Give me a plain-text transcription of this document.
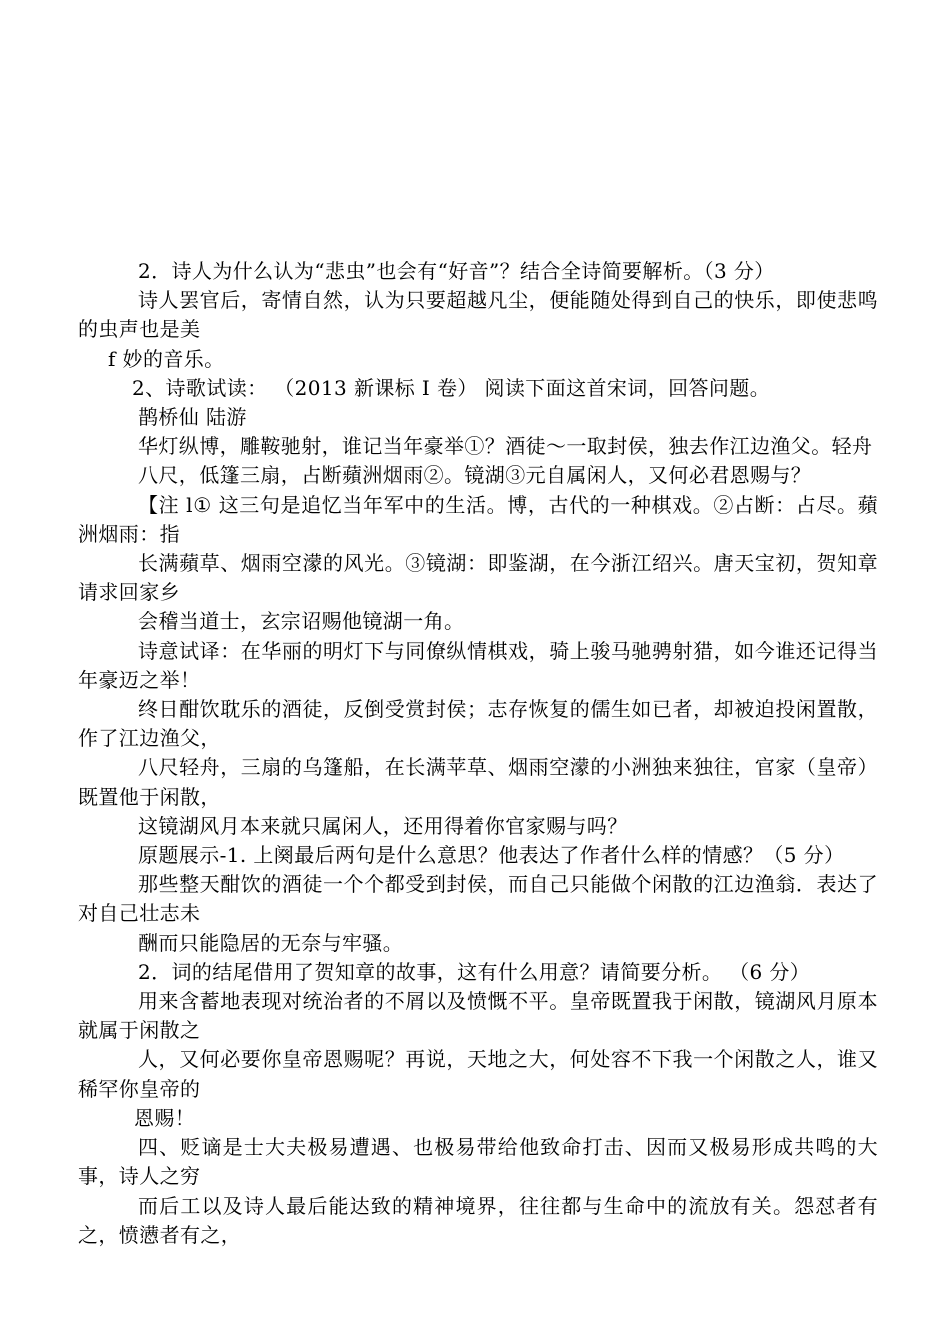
2．诗人为什么认为“悲虫”也会有“好音”？结合全诗简要解析。（3 分）

诗人罢官后，寄情自然，认为只要超越凡尘，便能随处得到自己的快乐，即使悲鸣的虫声也是美

f 妙的音乐。

2、诗歌试读： （2013 新课标 I 卷） 阅读下面这首宋词，回答问题。

鹊桥仙 陆游

华灯纵博，雕鞍驰射，谁记当年豪举①？酒徒～一取封侯，独去作江边渔父。轻舟

八尺，低篷三扇，占断蘋洲烟雨②。镜湖③元自属闲人，又何必君恩赐与？

【注 l① 这三句是追忆当年军中的生活。博，古代的一种棋戏。②占断：占尽。蘋洲烟雨：指

长满蘋草、烟雨空濛的风光。③镜湖：即鉴湖，在今浙江绍兴。唐天宝初，贺知章请求回家乡

会稽当道士，玄宗诏赐他镜湖一角。

诗意试译：在华丽的明灯下与同僚纵情棋戏，骑上骏马驰骋射猎，如今谁还记得当年豪迈之举！

终日酣饮耽乐的酒徒，反倒受赏封侯；志存恢复的儒生如已者，却被迫投闲置散，作了江边渔父，

八尺轻舟，三扇的乌篷船，在长满苹草、烟雨空濛的小洲独来独往，官家（皇帝）既置他于闲散，

这镜湖风月本来就只属闲人，还用得着你官家赐与吗？

原题展示-1. 上阕最后两句是什么意思？他表达了作者什么样的情感？（5 分）

那些整天酣饮的酒徒一个个都受到封侯，而自己只能做个闲散的江边渔翁．表达了对自己壮志未

酬而只能隐居的无奈与牢骚。

2．词的结尾借用了贺知章的故事，这有什么用意？请简要分析。 （6 分）

用来含蓄地表现对统治者的不屑以及愤慨不平。皇帝既置我于闲散，镜湖风月原本就属于闲散之

人，又何必要你皇帝恩赐呢？再说，天地之大，何处容不下我一个闲散之人，谁又稀罕你皇帝的

恩赐！

四、贬谪是士大夫极易遭遇、也极易带给他致命打击、因而又极易形成共鸣的大事，诗人之穷

而后工以及诗人最后能达致的精神境界，往往都与生命中的流放有关。怨怼者有之，愤懑者有之，
